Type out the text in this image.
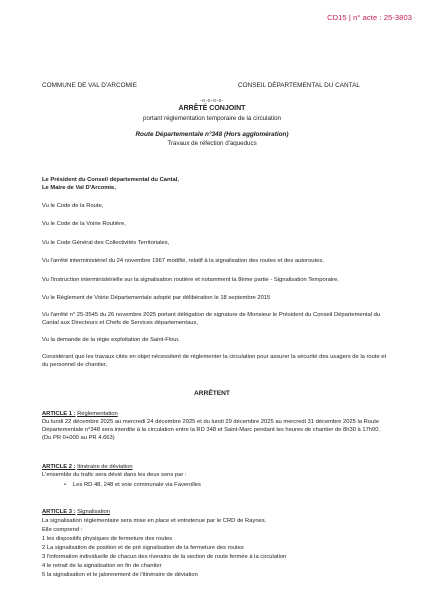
CD15 | n° acte : 25-3803
COMMUNE DE VAL D'ARCOMIE	CONSEIL DÉPARTEMENTAL DU CANTAL
-o-o-o-o-
ARRÊTÉ CONJOINT
portant réglementation temporaire de la circulation
Route Départementale n°348 (Hors agglomération)
Travaux de réfection d'aqueducs
Le Président du Conseil départemental du Cantal,
Le Maire de Val D'Arcomie,
Vu le Code de la Route,
Vu le Code de la Voirie Routière,
Vu le Code Général des Collectivités Territoriales,
Vu l'arrêté interministériel du 24 novembre 1967 modifié, relatif à la signalisation des routes et des autoroutes,
Vu l'instruction interministérielle sur la signalisation routière et notamment la 8ème partie - Signalisation Temporaire,
Vu le Règlement de Voirie Départementale adopté par délibération le 18 septembre 2015
Vu l'arrêté n° 25-3545 du 26 novembre 2025 portant délégation de signature de Monsieur le Président du Conseil Départemental du Cantal aux Directeurs et Chefs de Services départementaux,
Vu la demande de la régie exploitation de Saint-Flour,
Considérant que les travaux cités en objet nécessitent de réglementer la circulation pour assurer la sécurité des usagers de la route et du personnel de chantier,
ARRÊTENT
ARTICLE 1 : Réglementation
Du lundi 22 décembre 2025 au mercredi 24 décembre 2025 et du lundi 29 décembre 2025 au mercredi 31 décembre 2025 la Route Départementale n°348 sera interdite à la circulation entre la RD 348 et Saint-Marc pendant les heures de chantier de 8h30 à 17h00. (Du PR 0+000 au PR 4.663)
ARTICLE 2 : Itinéraire de déviation
L'ensemble du trafic sera dévié dans les deux sens par :
• Les RD 48, 248 et voie communale via Faverolles
ARTICLE 3 : Signalisation
La signalisation réglementaire sera mise en place et entretenue par le CRD de Raynes.
Elle comprend :
1 les dispositifs physiques de fermeture des routes
2 La signalisation de position et de pré signalisation de la fermeture des routes
3 l'information individuelle de chacun des riverains de la section de route fermée à la circulation
4 le retrait de la signalisation en fin de chantier
5 la signalisation et le jalonnement de l'itinéraire de déviation
